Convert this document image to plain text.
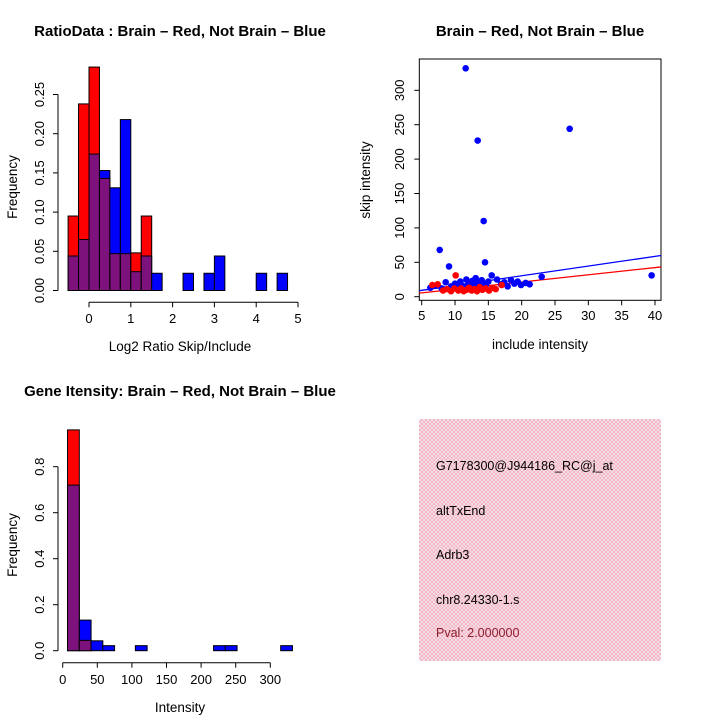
G7178300@J944186_RC@j_at
altTxEnd
Adrb3
chr8.24330-1.s
Pval: 2.000000
RatioData : Brain – Red, Not Brain – Blue
Log2 Ratio Skip/Include
Frequency
0	1	2	3	4	5
0.00
0.05
0.10
0.15
0.20
0.25
Brain – Red, Not Brain – Blue
include intensity
skip intensity
5 10 15 20 25 30 35 40
0
50
100
150
200
250
300
Gene Itensity: Brain – Red, Not Brain – Blue
Intensity
Frequency
0 50 100 150 200 250 300
0.0
0.2
0.4
0.6
0.8
